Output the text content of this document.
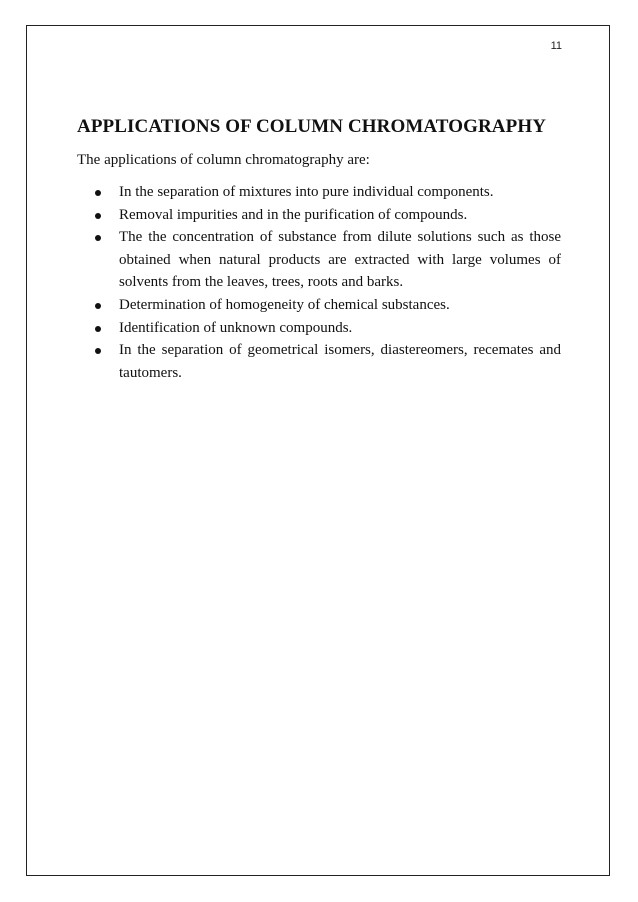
11
APPLICATIONS OF COLUMN CHROMATOGRAPHY

The applications of column chromatography are:

In the separation of mixtures into pure individual components.
Removal impurities and in the purification of compounds.
The the concentration of substance from dilute solutions such as those obtained when natural products are extracted with large volumes of solvents from the leaves, trees, roots and barks.
Determination of homogeneity of chemical substances.
Identification of unknown compounds.
In the separation of geometrical isomers, diastereomers, recemates and tautomers.
